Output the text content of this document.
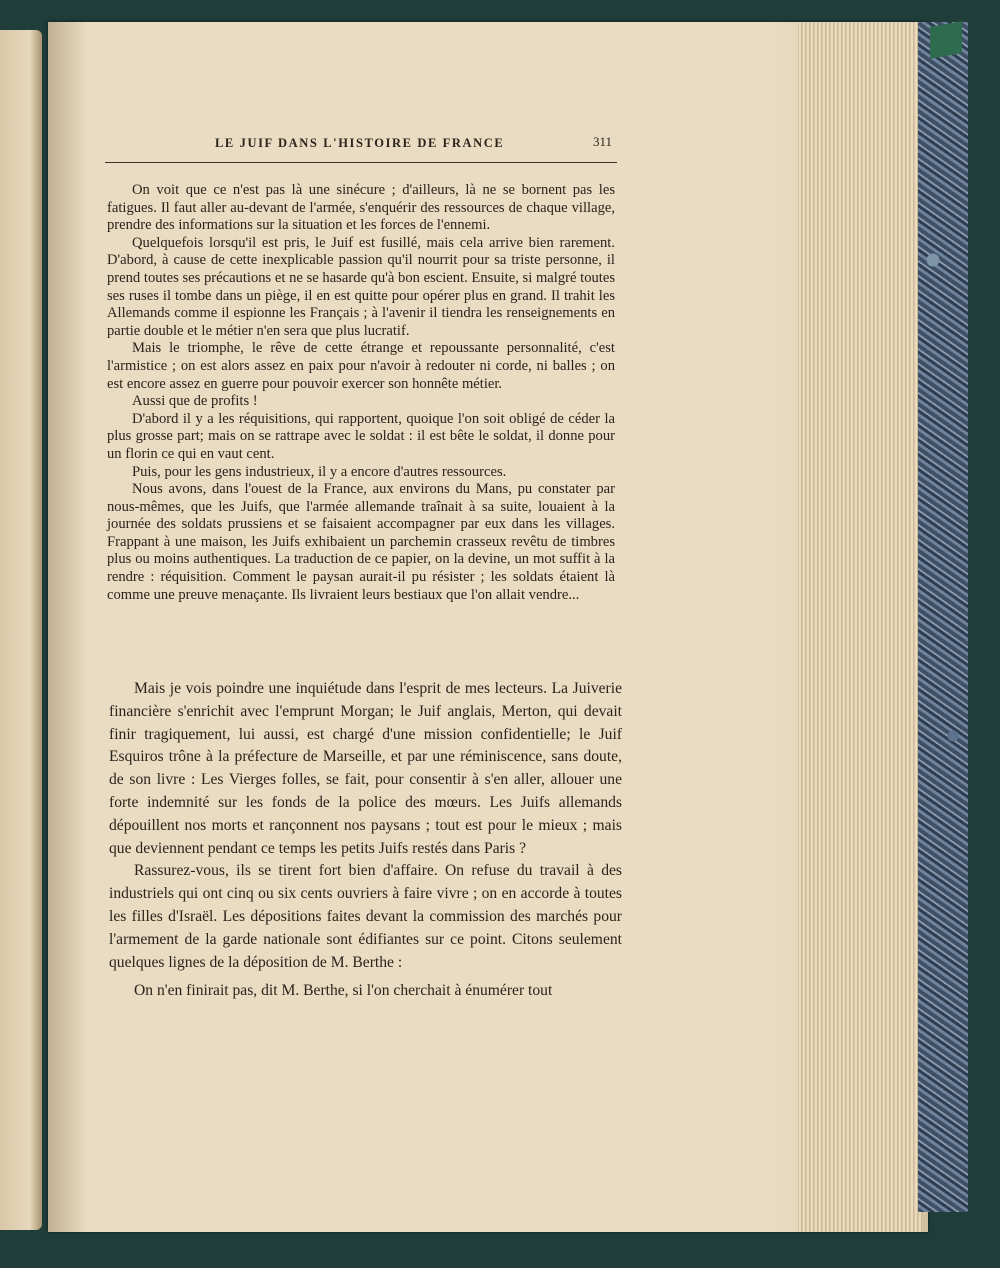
LE JUIF DANS L'HISTOIRE DE FRANCE	311

On voit que ce n'est pas là une sinécure ; d'ailleurs, là ne se bornent pas les fatigues. Il faut aller au-devant de l'armée, s'enquérir des ressources de chaque village, prendre des informations sur la situation et les forces de l'ennemi.

Quelquefois lorsqu'il est pris, le Juif est fusillé, mais cela arrive bien rarement. D'abord, à cause de cette inexplicable passion qu'il nourrit pour sa triste personne, il prend toutes ses précautions et ne se hasarde qu'à bon escient. Ensuite, si malgré toutes ses ruses il tombe dans un piège, il en est quitte pour opérer plus en grand. Il trahit les Allemands comme il espionne les Français ; à l'avenir il tiendra les renseignements en partie double et le métier n'en sera que plus lucratif.

Mais le triomphe, le rêve de cette étrange et repoussante personnalité, c'est l'armistice ; on est alors assez en paix pour n'avoir à redouter ni corde, ni balles ; on est encore assez en guerre pour pouvoir exercer son honnête métier.

Aussi que de profits !

D'abord il y a les réquisitions, qui rapportent, quoique l'on soit obligé de céder la plus grosse part; mais on se rattrape avec le soldat : il est bête le soldat, il donne pour un florin ce qui en vaut cent.

Puis, pour les gens industrieux, il y a encore d'autres ressources.

Nous avons, dans l'ouest de la France, aux environs du Mans, pu constater par nous-mêmes, que les Juifs, que l'armée allemande traînait à sa suite, louaient à la journée des soldats prussiens et se faisaient accompagner par eux dans les villages. Frappant à une maison, les Juifs exhibaient un parchemin crasseux revêtu de timbres plus ou moins authentiques. La traduction de ce papier, on la devine, un mot suffit à la rendre : réquisition. Comment le paysan aurait-il pu résister ; les soldats étaient là comme une preuve menaçante. Ils livraient leurs bestiaux que l'on allait vendre...

Mais je vois poindre une inquiétude dans l'esprit de mes lecteurs. La Juiverie financière s'enrichit avec l'emprunt Morgan; le Juif anglais, Merton, qui devait finir tragiquement, lui aussi, est chargé d'une mission confidentielle; le Juif Esquiros trône à la préfecture de Marseille, et par une réminiscence, sans doute, de son livre : Les Vierges folles, se fait, pour consentir à s'en aller, allouer une forte indemnité sur les fonds de la police des mœurs. Les Juifs allemands dépouillent nos morts et rançonnent nos paysans ; tout est pour le mieux ; mais que deviennent pendant ce temps les petits Juifs restés dans Paris ?

Rassurez-vous, ils se tirent fort bien d'affaire. On refuse du travail à des industriels qui ont cinq ou six cents ouvriers à faire vivre ; on en accorde à toutes les filles d'Israël. Les dépositions faites devant la commission des marchés pour l'armement de la garde nationale sont édifiantes sur ce point. Citons seulement quelques lignes de la déposition de M. Berthe :

On n'en finirait pas, dit M. Berthe, si l'on cherchait à énumérer tout
